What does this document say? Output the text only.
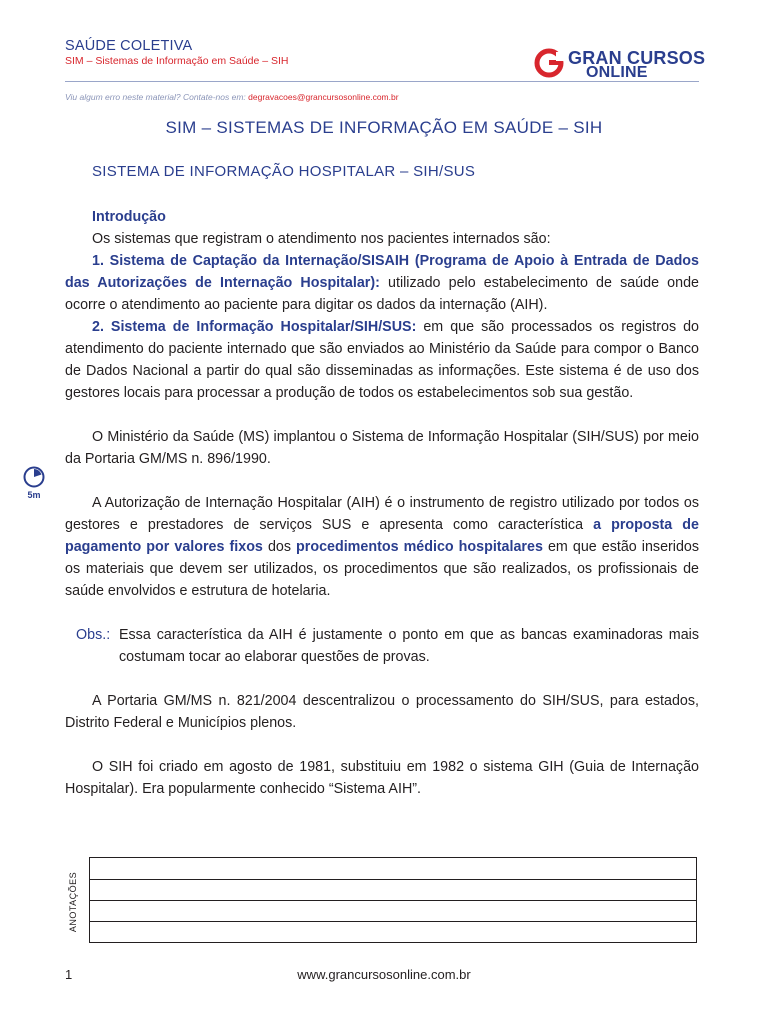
SAÚDE COLETIVA
SIM – Sistemas de Informação em Saúde – SIH	GRAN CURSOS
ONLINE
Viu algum erro neste material? Contate-nos em: degravacoes@grancursosonline.com.br
SIM – SISTEMAS DE INFORMAÇÃO EM SAÚDE – SIH
SISTEMA DE INFORMAÇÃO HOSPITALAR – SIH/SUS

Introdução

Os sistemas que registram o atendimento nos pacientes internados são:

1. Sistema de Captação da Internação/SISAIH (Programa de Apoio à Entrada de Dados das Autorizações de Internação Hospitalar): utilizado pelo estabelecimento de saúde onde ocorre o atendimento ao paciente para digitar os dados da internação (AIH).

2. Sistema de Informação Hospitalar/SIH/SUS: em que são processados os registros do atendimento do paciente internado que são enviados ao Ministério da Saúde para compor o Banco de Dados Nacional a partir do qual são disseminadas as informações. Este sistema é de uso dos gestores locais para processar a produção de todos os estabelecimentos sob sua gestão.

O Ministério da Saúde (MS) implantou o Sistema de Informação Hospitalar (SIH/SUS) por meio da Portaria GM/MS n. 896/1990.

A Autorização de Internação Hospitalar (AIH) é o instrumento de registro utilizado por todos os gestores e prestadores de serviços SUS e apresenta como característica a proposta de pagamento por valores fixos dos procedimentos médico hospitalares em que estão inseridos os materiais que devem ser utilizados, os procedimentos que são realizados, os profissionais de saúde envolvidos e estrutura de hotelaria.

Obs.: Essa característica da AIH é justamente o ponto em que as bancas examinadoras mais costumam tocar ao elaborar questões de provas.

A Portaria GM/MS n. 821/2004 descentralizou o processamento do SIH/SUS, para estados, Distrito Federal e Municípios plenos.

O SIH foi criado em agosto de 1981, substituiu em 1982 o sistema GIH (Guia de Internação Hospitalar). Era popularmente conhecido “Sistema AIH”.

5m
ANOTAÇÕES
1	www.grancursosonline.com.br
